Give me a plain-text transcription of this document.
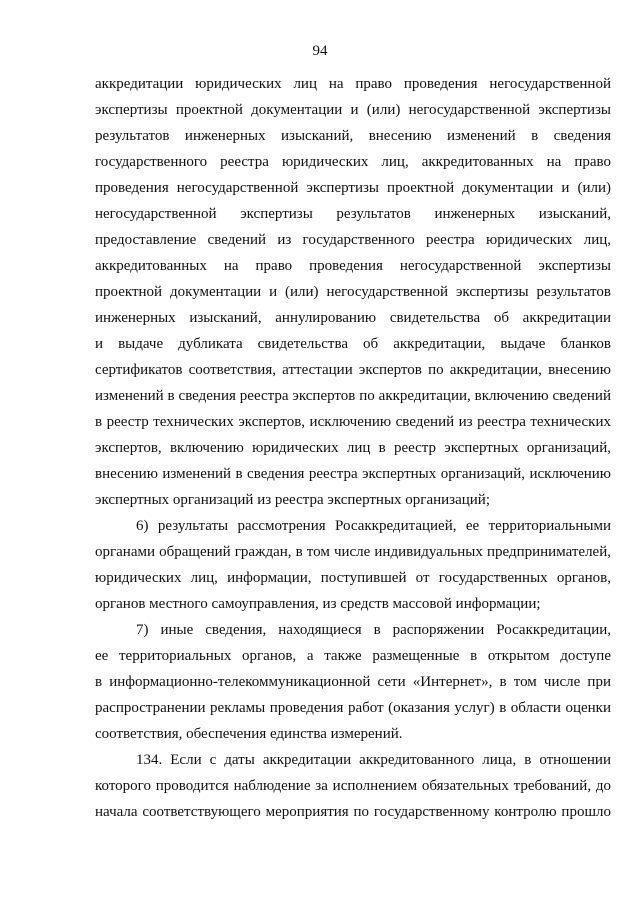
94
аккредитации юридических лиц на право проведения негосударственной
экспертизы проектной документации и (или) негосударственной экспертизы
результатов инженерных изысканий, внесению изменений в сведения
государственного реестра юридических лиц, аккредитованных на право
проведения негосударственной экспертизы проектной документации и (или)
негосударственной экспертизы результатов инженерных изысканий,
предоставление сведений из государственного реестра юридических лиц,
аккредитованных на право проведения негосударственной экспертизы
проектной документации и (или) негосударственной экспертизы результатов
инженерных изысканий, аннулированию свидетельства об аккредитации
и выдаче дубликата свидетельства об аккредитации, выдаче бланков
сертификатов соответствия, аттестации экспертов по аккредитации, внесению
изменений в сведения реестра экспертов по аккредитации, включению сведений
в реестр технических экспертов, исключению сведений из реестра технических
экспертов, включению юридических лиц в реестр экспертных организаций,
внесению изменений в сведения реестра экспертных организаций, исключению
экспертных организаций из реестра экспертных организаций;
6) результаты рассмотрения Росаккредитацией, ее территориальными
органами обращений граждан, в том числе индивидуальных предпринимателей,
юридических лиц, информации, поступившей от государственных органов,
органов местного самоуправления, из средств массовой информации;
7) иные сведения, находящиеся в распоряжении Росаккредитации,
ее территориальных органов, а также размещенные в открытом доступе
в информационно-телекоммуникационной сети «Интернет», в том числе при
распространении рекламы проведения работ (оказания услуг) в области оценки
соответствия, обеспечения единства измерений.
134. Если с даты аккредитации аккредитованного лица, в отношении
которого проводится наблюдение за исполнением обязательных требований, до
начала соответствующего мероприятия по государственному контролю прошло
